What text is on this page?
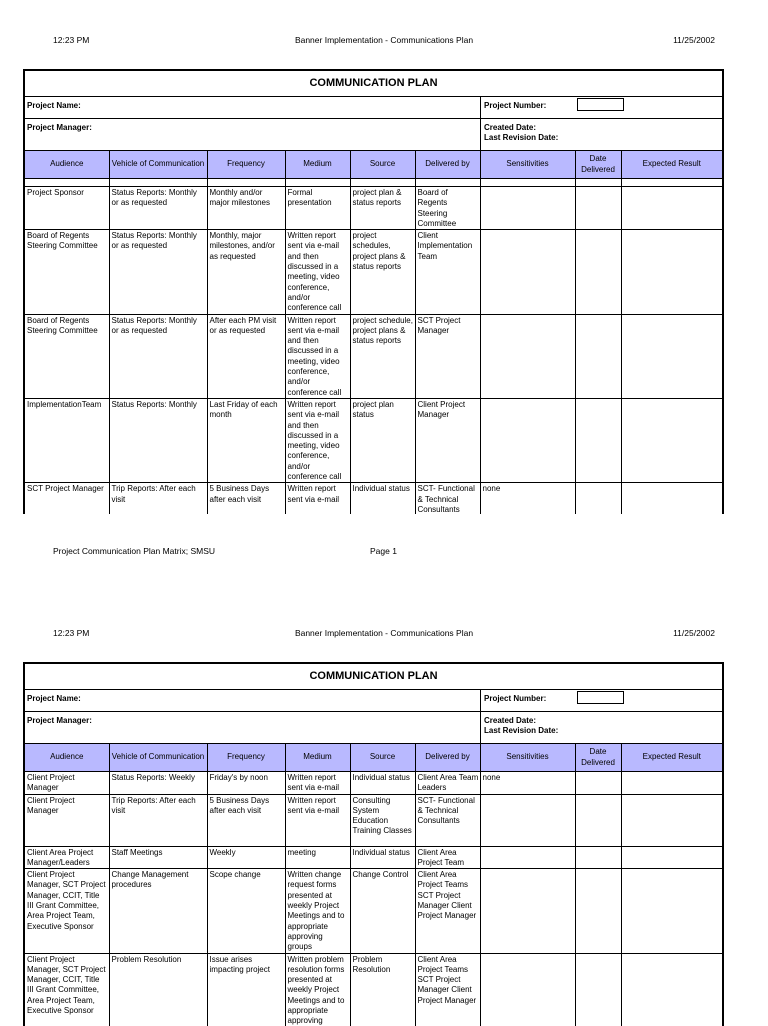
12:23 PM	Banner Implementation - Communications Plan	11/25/2002
COMMUNICATION PLAN
Project Name:	Project Number:
Project Manager:	Created Date:
Last Revision Date:
Audience	Vehicle of Communication	Frequency	Medium	Source	Delivered by	Sensitivities	Date Delivered	Expected Result

Project Sponsor	Status Reports: Monthly or as requested	Monthly and/or major milestones	Formal presentation	project plan & status reports	Board of Regents Steering Committee			
Board of Regents Steering Committee	Status Reports: Monthly or as requested	Monthly, major milestones, and/or as requested	Written report sent via e-mail and then discussed in a meeting, video conference, and/or conference call	project schedules, project plans & status reports	Client Implementation Team			
Board of Regents Steering Committee	Status Reports: Monthly or as requested	After each PM visit or as requested	Written report sent via e-mail and then discussed in a meeting, video conference, and/or conference call	project schedule, project plans & status reports	SCT Project Manager			
ImplementationTeam	Status Reports: Monthly	Last Friday of each month	Written report sent via e-mail and then discussed in a meeting, video conference, and/or conference call	project plan status	Client Project Manager			
SCT Project Manager	Trip Reports: After each visit	5 Business Days after each visit	Written report sent via e-mail	Individual status	SCT- Functional & Technical Consultants	none		
Project Communication Plan Matrix; SMSU	Page 1
12:23 PM	Banner Implementation - Communications Plan	11/25/2002
COMMUNICATION PLAN
Project Name:	Project Number:
Project Manager:	Created Date:
Last Revision Date:
Audience	Vehicle of Communication	Frequency	Medium	Source	Delivered by	Sensitivities	Date Delivered	Expected Result
Client Project Manager	Status Reports: Weekly	Friday's by noon	Written report sent via e-mail	Individual status	Client Area Team Leaders	none		
Client Project Manager	Trip Reports: After each visit	5 Business Days after each visit	Written report sent via e-mail	Consulting System Education Training Classes	SCT- Functional & Technical Consultants			
Client Area Project Manager/Leaders	Staff Meetings	Weekly	meeting	Individual status	Client Area Project Team			
Client Project Manager, SCT Project Manager, CCIT, Title III Grant Committee, Area Project Team, Executive Sponsor	Change Management procedures	Scope change	Written change request forms presented at weekly Project Meetings and to appropriate approving groups	Change Control	Client Area Project Teams SCT Project Manager Client Project Manager			
Client Project Manager, SCT Project Manager, CCIT, Title III Grant Committee, Area Project Team, Executive Sponsor	Problem Resolution	Issue arises impacting project	Written problem resolution forms presented at weekly Project Meetings and to appropriate approving	Problem Resolution	Client Area Project Teams SCT Project Manager Client Project Manager			
